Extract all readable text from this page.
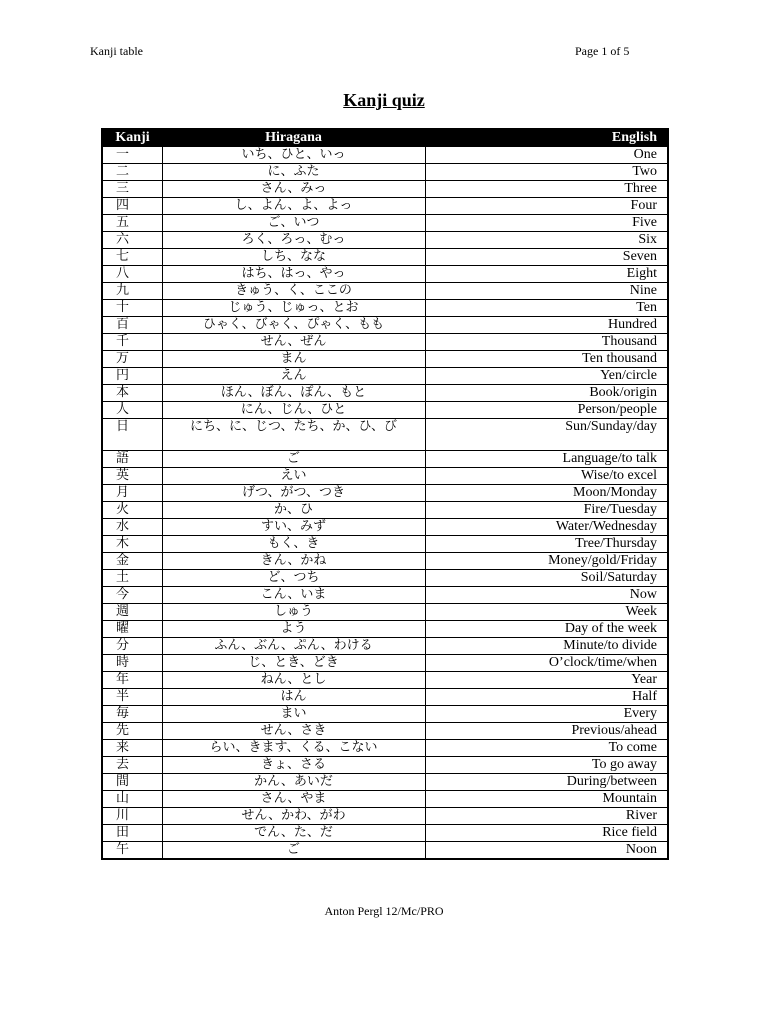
Kanji table	Page 1 of 5
Kanji quiz
Kanji	Hiragana	English
一	いち、ひと、いっ	One
二	に、ふた	Two
三	さん、みっ	Three
四	し、よん、よ、よっ	Four
五	ご、いつ	Five
六	ろく、ろっ、むっ	Six
七	しち、なな	Seven
八	はち、はっ、やっ	Eight
九	きゅう、く、ここの	Nine
十	じゅう、じゅっ、とお	Ten
百	ひゃく、びゃく、ぴゃく、もも	Hundred
千	せん、ぜん	Thousand
万	まん	Ten thousand
円	えん	Yen/circle
本	ほん、ぼん、ぽん、もと	Book/origin
人	にん、じん、ひと	Person/people
日	にち、に、じつ、たち、か、ひ、び	Sun/Sunday/day
語	ご	Language/to talk
英	えい	Wise/to excel
月	げつ、がつ、つき	Moon/Monday
火	か、ひ	Fire/Tuesday
水	すい、みず	Water/Wednesday
木	もく、き	Tree/Thursday
金	きん、かね	Money/gold/Friday
土	ど、つち	Soil/Saturday
今	こん、いま	Now
週	しゅう	Week
曜	よう	Day of the week
分	ふん、ぶん、ぷん、わける	Minute/to divide
時	じ、とき、どき	O’clock/time/when
年	ねん、とし	Year
半	はん	Half
毎	まい	Every
先	せん、さき	Previous/ahead
来	らい、きます、くる、こない	To come
去	きょ、さる	To go away
間	かん、あいだ	During/between
山	さん、やま	Mountain
川	せん、かわ、がわ	River
田	でん、た、だ	Rice field
午	ご	Noon
Anton Pergl 12/Mc/PRO
